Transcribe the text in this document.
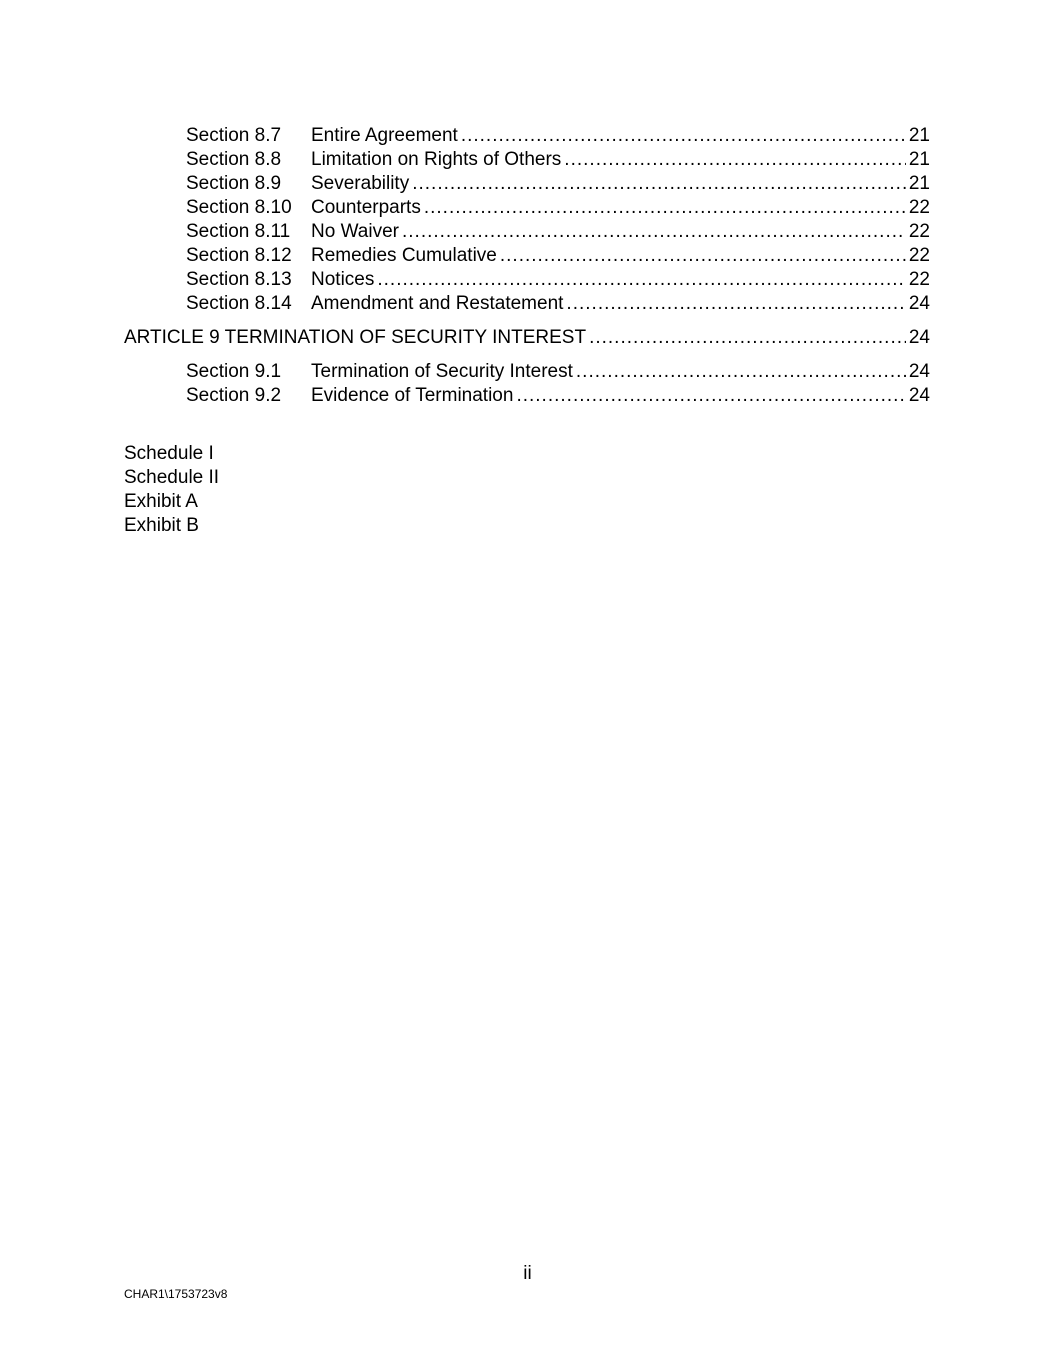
Section 8.7	Entire Agreement .....	21
Section 8.8	Limitation on Rights of Others .....	21
Section 8.9	Severability .....	21
Section 8.10	Counterparts .....	22
Section 8.11	No Waiver .....	22
Section 8.12	Remedies Cumulative .....	22
Section 8.13	Notices .....	22
Section 8.14	Amendment and Restatement .....	24
ARTICLE 9 TERMINATION OF SECURITY INTEREST .....	24
Section 9.1	Termination of Security Interest .....	24
Section 9.2	Evidence of Termination .....	24
Schedule I
Schedule II
Exhibit A
Exhibit B
ii
CHAR1\1753723v8
